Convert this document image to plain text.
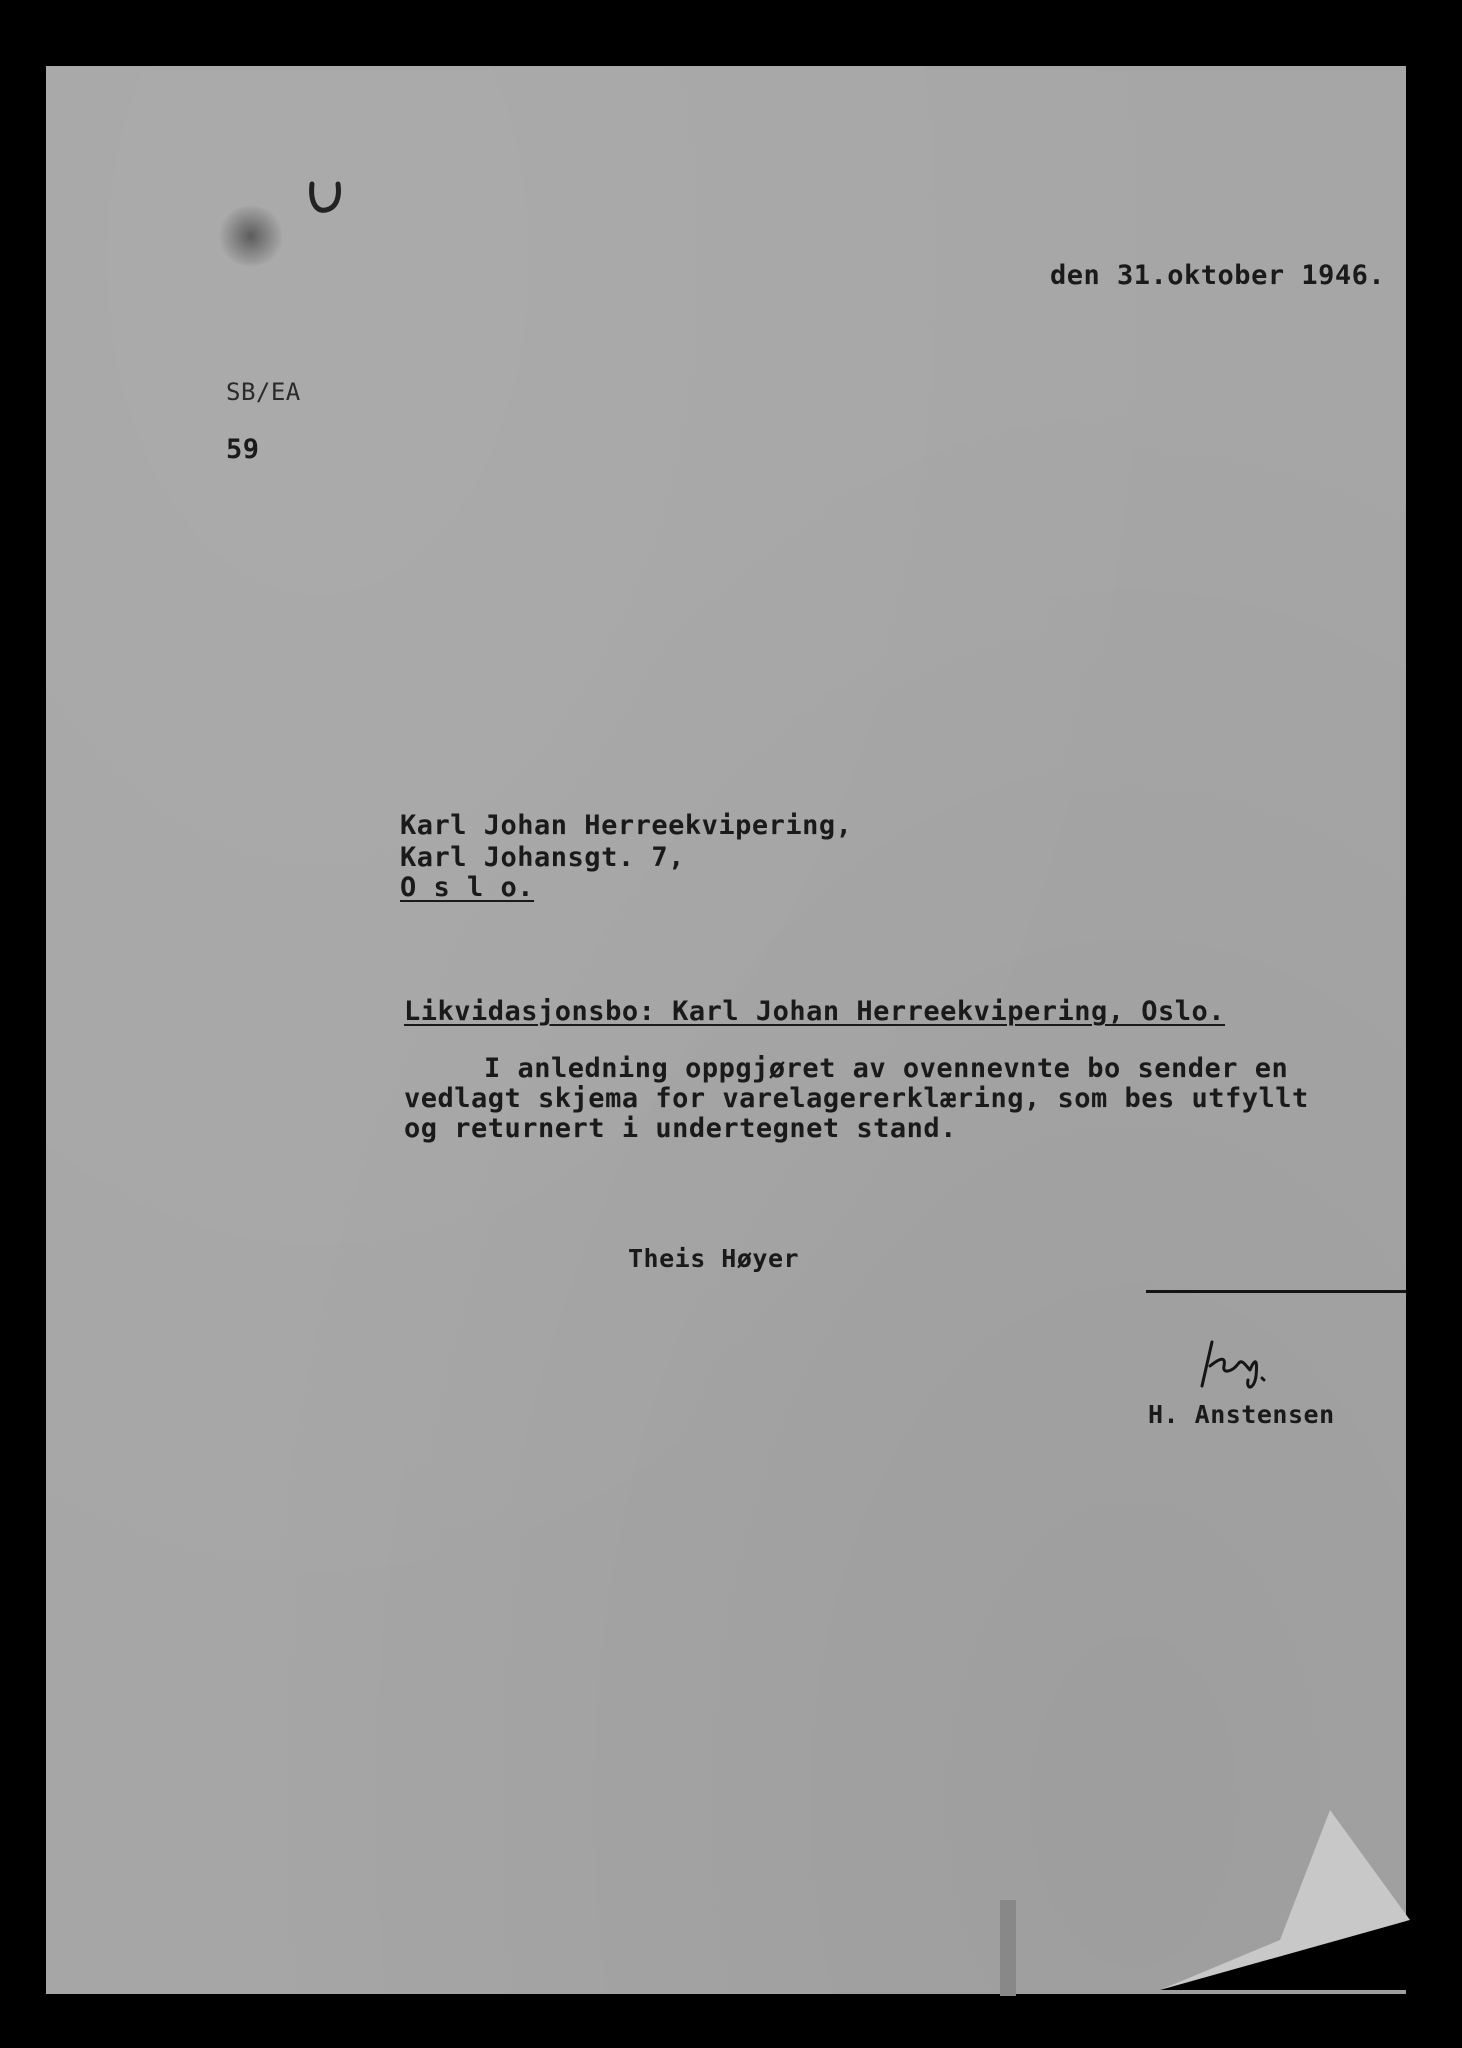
den 31.oktober 1946.
SB/EA
59
Karl Johan Herreekvipering,
Karl Johansgt. 7,
O s l o.
Likvidasjonsbo: Karl Johan Herreekvipering, Oslo.
I anledning oppgjøret av ovennevnte bo sender en
vedlagt skjema for varelagererklæring, som bes utfyllt
og returnert i undertegnet stand.
Theis Høyer
H. Anstensen
